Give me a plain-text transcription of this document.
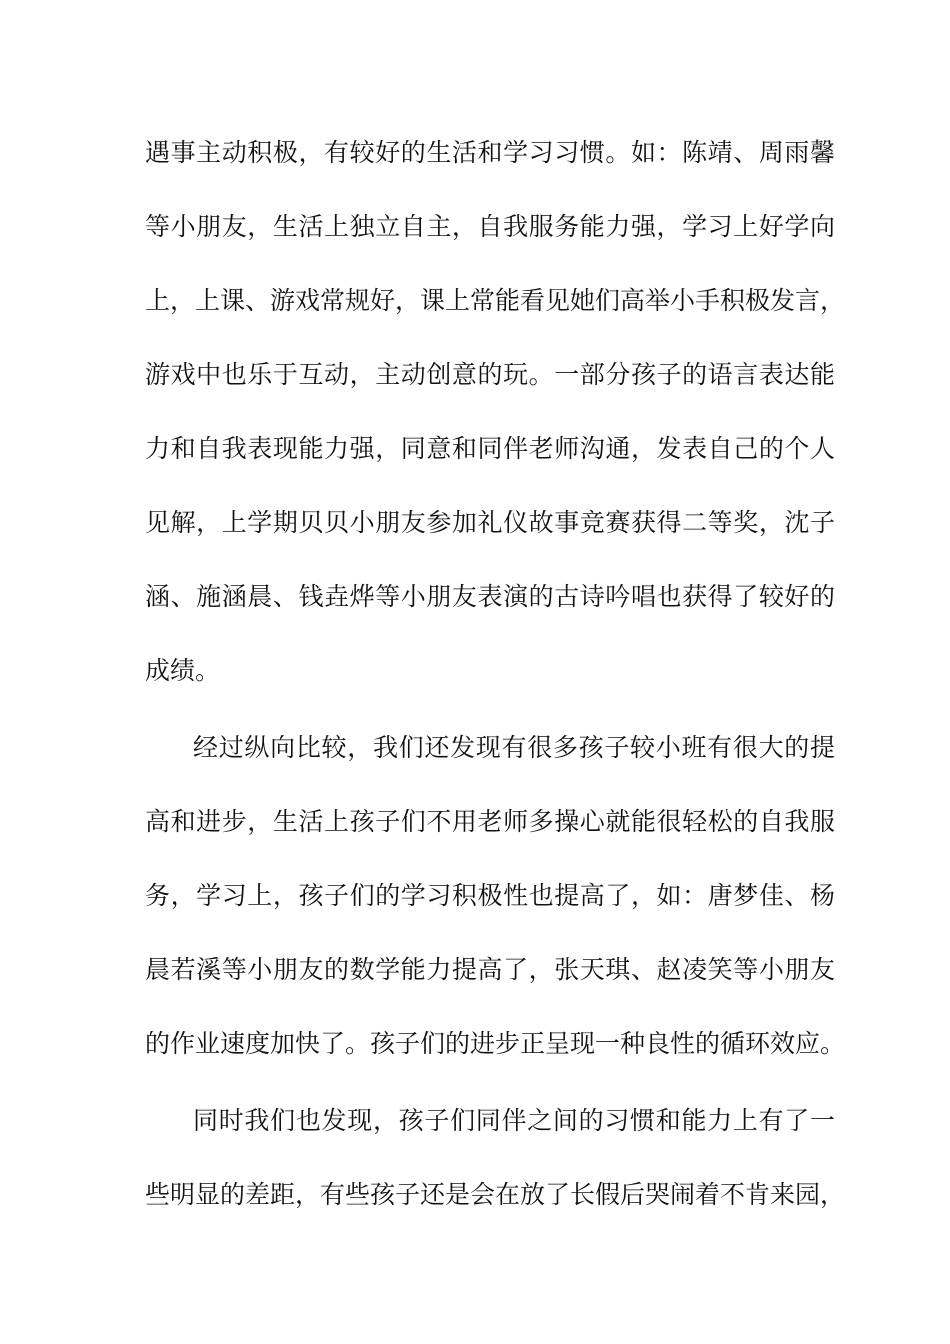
遇事主动积极，有较好的生活和学习习惯。如：陈靖、周雨馨
等小朋友，生活上独立自主，自我服务能力强，学习上好学向
上，上课、游戏常规好，课上常能看见她们高举小手积极发言，
游戏中也乐于互动，主动创意的玩。一部分孩子的语言表达能
力和自我表现能力强，同意和同伴老师沟通，发表自己的个人
见解，上学期贝贝小朋友参加礼仪故事竞赛获得二等奖，沈子
涵、施涵晨、钱垚烨等小朋友表演的古诗吟唱也获得了较好的
成绩。
经过纵向比较，我们还发现有很多孩子较小班有很大的提
高和进步，生活上孩子们不用老师多操心就能很轻松的自我服
务，学习上，孩子们的学习积极性也提高了，如：唐梦佳、杨
晨若溪等小朋友的数学能力提高了，张天琪、赵凌笑等小朋友
的作业速度加快了。孩子们的进步正呈现一种良性的循环效应。
同时我们也发现，孩子们同伴之间的习惯和能力上有了一
些明显的差距，有些孩子还是会在放了长假后哭闹着不肯来园，
